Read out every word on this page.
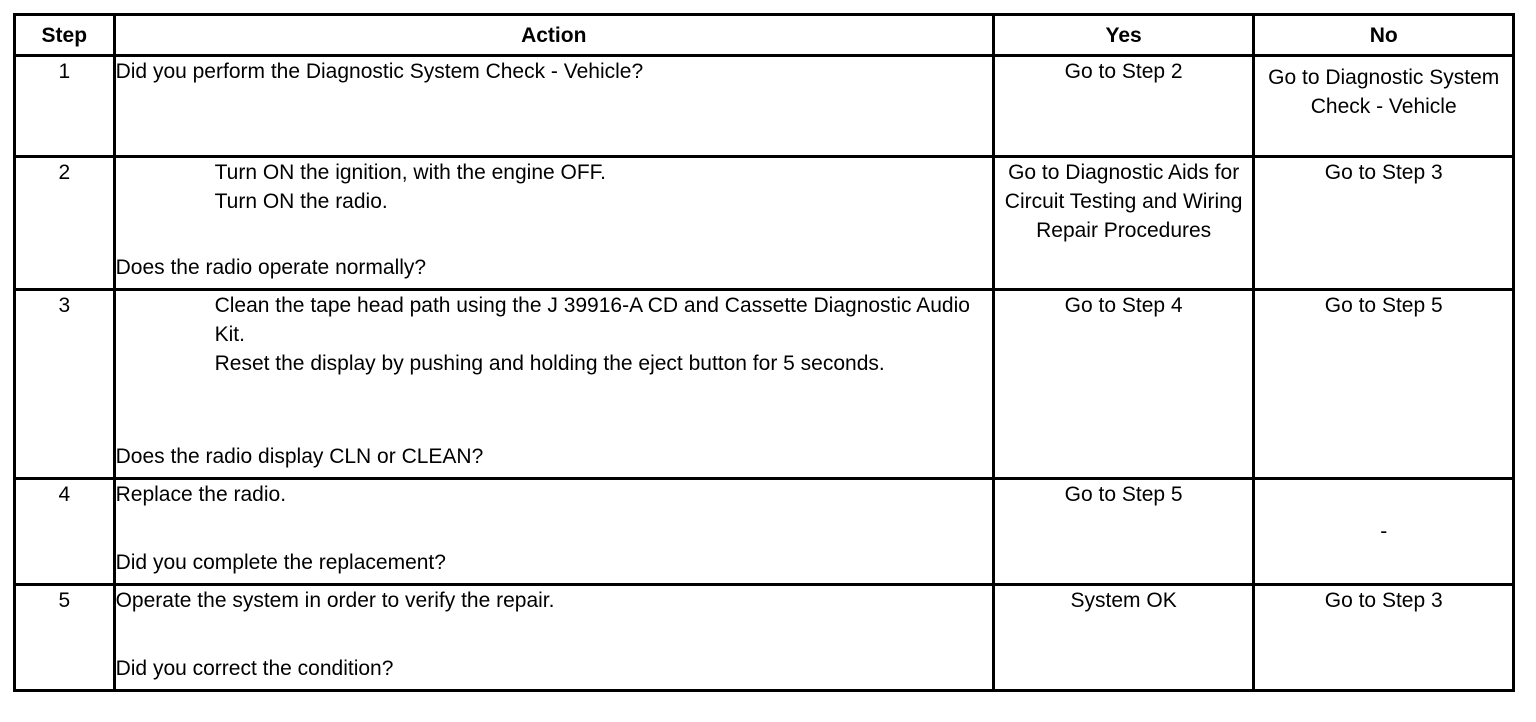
Step	Action	Yes	No
1	Did you perform the Diagnostic System Check - Vehicle?	Go to Step 2	Go to Diagnostic System Check - Vehicle
2	Turn ON the ignition, with the engine OFF.
Turn ON the radio.
Does the radio operate normally?	Go to Diagnostic Aids for Circuit Testing and Wiring Repair Procedures	Go to Step 3
3	Clean the tape head path using the J 39916-A CD and Cassette Diagnostic Audio Kit.
Reset the display by pushing and holding the eject button for 5 seconds.
Does the radio display CLN or CLEAN?	Go to Step 4	Go to Step 5
4	Replace the radio.
Did you complete the replacement?	Go to Step 5	-
5	Operate the system in order to verify the repair.
Did you correct the condition?	System OK	Go to Step 3
